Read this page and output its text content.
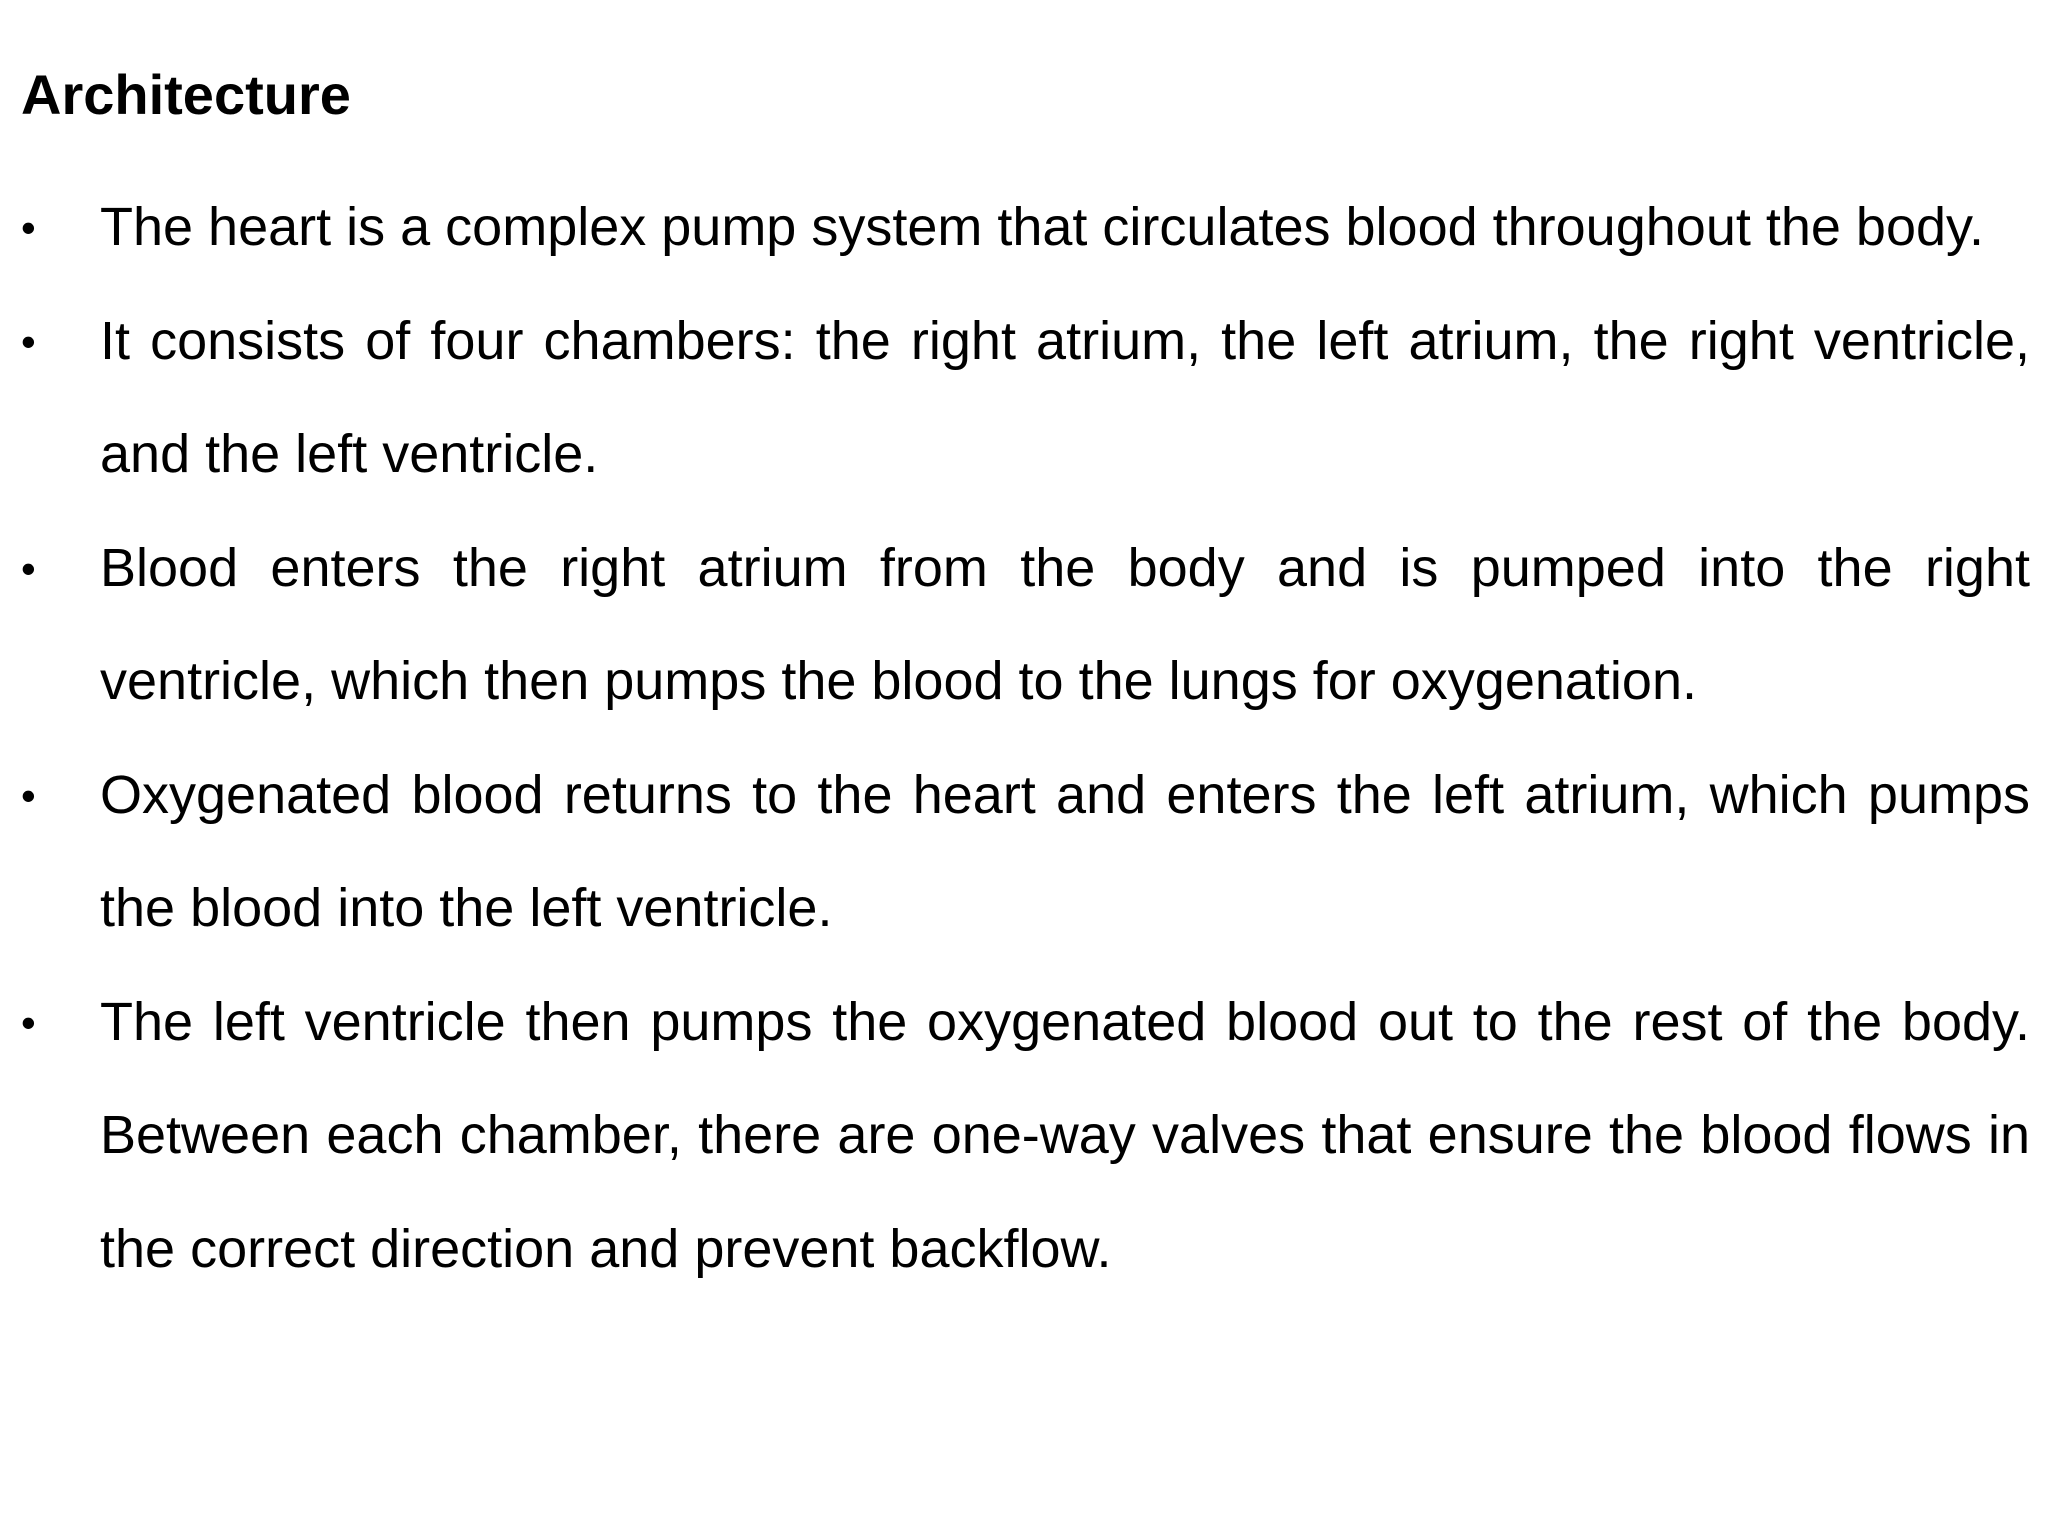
Architecture
• The heart is a complex pump system that circulates blood throughout the body.
• It consists of four chambers: the right atrium, the left atrium, the right ventricle, and the left ventricle.
• Blood enters the right atrium from the body and is pumped into the right ventricle, which then pumps the blood to the lungs for oxygenation.
• Oxygenated blood returns to the heart and enters the left atrium, which pumps the blood into the left ventricle.
• The left ventricle then pumps the oxygenated blood out to the rest of the body. Between each chamber, there are one-way valves that ensure the blood flows in the correct direction and prevent backflow.
